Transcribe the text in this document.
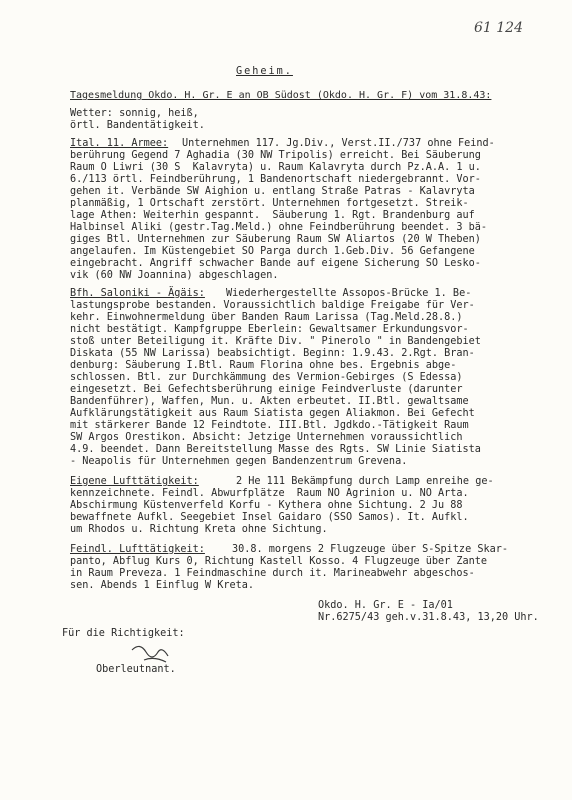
61 124
Geheim.
Tagesmeldung Okdo. H. Gr. E an OB Südost (Okdo. H. Gr. F) vom 31.8.43:
Wetter: sonnig, heiß,
örtl. Bandentätigkeit.
Ital. 11. Armee: Unternehmen 117. Jg.Div., Verst.II./737 ohne Feind-
berührung Gegend 7 Aghadia (30 NW Tripolis) erreicht. Bei Säuberung
Raum O Liwri (30 S  Kalavryta) u. Raum Kalavryta durch Pz.A.A. 1 u.
6./113 örtl. Feindberührung, 1 Bandenortschaft niedergebrannt. Vor-
gehen it. Verbände SW Aighion u. entlang Straße Patras - Kalavryta
planmäßig, 1 Ortschaft zerstört. Unternehmen fortgesetzt. Streik-
lage Athen: Weiterhin gespannt.  Säuberung 1. Rgt. Brandenburg auf
Halbinsel Aliki (gestr.Tag.Meld.) ohne Feindberührung beendet. 3 bä-
giges Btl. Unternehmen zur Säuberung Raum SW Aliartos (20 W Theben)
angelaufen. Im Küstengebiet SO Parga durch 1.Geb.Div. 56 Gefangene
eingebracht. Angriff schwacher Bande auf eigene Sicherung SO Lesko-
vik (60 NW Joannina) abgeschlagen.
Bfh. Saloniki - Ägäis: Wiederhergestellte Assopos-Brücke 1. Be-
lastungsprobe bestanden. Voraussichtlich baldige Freigabe für Ver-
kehr. Einwohnermeldung über Banden Raum Larissa (Tag.Meld.28.8.)
nicht bestätigt. Kampfgruppe Eberlein: Gewaltsamer Erkundungsvor-
stoß unter Beteiligung it. Kräfte Div. " Pinerolo " in Bandengebiet
Diskata (55 NW Larissa) beabsichtigt. Beginn: 1.9.43. 2.Rgt. Bran-
denburg: Säuberung I.Btl. Raum Florina ohne bes. Ergebnis abge-
schlossen. Btl. zur Durchkämmung des Vermion-Gebirges (S Edessa)
eingesetzt. Bei Gefechtsberührung einige Feindverluste (darunter
Bandenführer), Waffen, Mun. u. Akten erbeutet. II.Btl. gewaltsame
Aufklärungstätigkeit aus Raum Siatista gegen Aliakmon. Bei Gefecht
mit stärkerer Bande 12 Feindtote. III.Btl. Jgdkdo.-Tätigkeit Raum
SW Argos Orestikon. Absicht: Jetzige Unternehmen voraussichtlich
4.9. beendet. Dann Bereitstellung Masse des Rgts. SW Linie Siatista
- Neapolis für Unternehmen gegen Bandenzentrum Grevena.
Eigene Lufttätigkeit:	2 He 111 Bekämpfung durch Lamp enreihe ge-
kennzeichnete. Feindl. Abwurfplätze  Raum NO Agrinion u. NO Arta.
Abschirmung Küstenverfeld Korfu - Kythera ohne Sichtung. 2 Ju 88
bewaffnete Aufkl. Seegebiet Insel Gaidaro (SSO Samos). It. Aufkl.
um Rhodos u. Richtung Kreta ohne Sichtung.
Feindl. Lufttätigkeit:	30.8. morgens 2 Flugzeuge über S-Spitze Skar-
panto, Abflug Kurs 0, Richtung Kastell Kosso. 4 Flugzeuge über Zante
in Raum Preveza. 1 Feindmaschine durch it. Marineabwehr abgeschos-
sen. Abends 1 Einflug W Kreta.
Okdo. H. Gr. E - Ia/01
Nr.6275/43 geh.v.31.8.43, 13,20 Uhr.
Für die Richtigkeit:
Oberleutnant.
